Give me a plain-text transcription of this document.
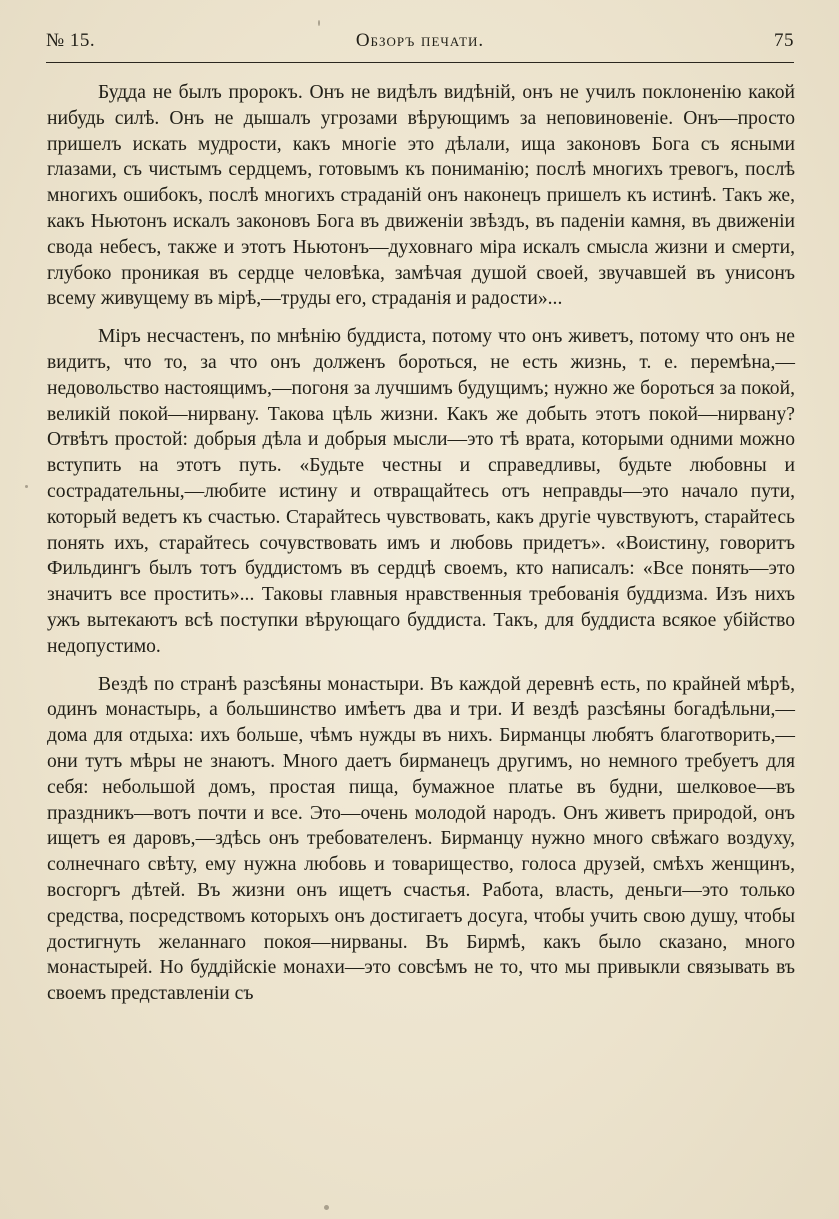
№ 15.	Обзоръ печати.	75

Будда не былъ пророкъ. Онъ не видѣлъ видѣній, онъ не училъ поклоненію какой нибудь силѣ. Онъ не дышалъ угрозами вѣрующимъ за неповиновеніе. Онъ—просто пришелъ искать мудрости, какъ многіе это дѣлали, ища законовъ Бога съ ясными глазами, съ чистымъ сердцемъ, готовымъ къ пониманію; послѣ многихъ тревогъ, послѣ многихъ ошибокъ, послѣ многихъ страданій онъ наконецъ пришелъ къ истинѣ. Такъ же, какъ Ньютонъ искалъ законовъ Бога въ движеніи звѣздъ, въ паденіи камня, въ движеніи свода небесъ, также и этотъ Ньютонъ—духовнаго міра искалъ смысла жизни и смерти, глубоко проникая въ сердце человѣка, замѣчая душой своей, звучавшей въ унисонъ всему живущему въ мірѣ,—труды его, страданія и радости»...

Міръ несчастенъ, по мнѣнію буддиста, потому что онъ живетъ, потому что онъ не видитъ, что то, за что онъ долженъ бороться, не есть жизнь, т. е. перемѣна,—недовольство настоящимъ,—погоня за лучшимъ будущимъ; нужно же бороться за покой, великій покой—нирвану. Такова цѣль жизни. Какъ же добыть этотъ покой—нирвану? Отвѣтъ простой: добрыя дѣла и добрыя мысли—это тѣ врата, которыми одними можно вступить на этотъ путь. «Будьте честны и справедливы, будьте любовны и сострадательны,—любите истину и отвращайтесь отъ неправды—это начало пути, который ведетъ къ счастью. Старайтесь чувствовать, какъ другіе чувствуютъ, старайтесь понять ихъ, старайтесь сочувствовать имъ и любовь придетъ». «Воистину, говоритъ Фильдингъ былъ тотъ буддистомъ въ сердцѣ своемъ, кто написалъ: «Все понять—это значитъ все простить»... Таковы главныя нравственныя требованія буддизма. Изъ нихъ ужъ вытекаютъ всѣ поступки вѣрующаго буддиста. Такъ, для буддиста всякое убійство недопустимо.

Вездѣ по странѣ разсѣяны монастыри. Въ каждой деревнѣ есть, по крайней мѣрѣ, одинъ монастырь, а большинство имѣетъ два и три. И вездѣ разсѣяны богадѣльни,—дома для отдыха: ихъ больше, чѣмъ нужды въ нихъ. Бирманцы любятъ благотворить,—они тутъ мѣры не знаютъ. Много даетъ бирманецъ другимъ, но немного требуетъ для себя: небольшой домъ, простая пища, бумажное платье въ будни, шелковое—въ праздникъ—вотъ почти и все. Это—очень молодой народъ. Онъ живетъ природой, онъ ищетъ ея даровъ,—здѣсь онъ требователенъ. Бирманцу нужно много свѣжаго воздуху, солнечнаго свѣту, ему нужна любовь и товарищество, голоса друзей, смѣхъ женщинъ, восгоргъ дѣтей. Въ жизни онъ ищетъ счастья. Работа, власть, деньги—это только средства, посредствомъ которыхъ онъ достигаетъ досуга, чтобы учить свою душу, чтобы достигнуть желаннаго покоя—нирваны. Въ Бирмѣ, какъ было сказано, много монастырей. Но буддійскіе монахи—это совсѣмъ не то, что мы привыкли связывать въ своемъ представленіи съ
